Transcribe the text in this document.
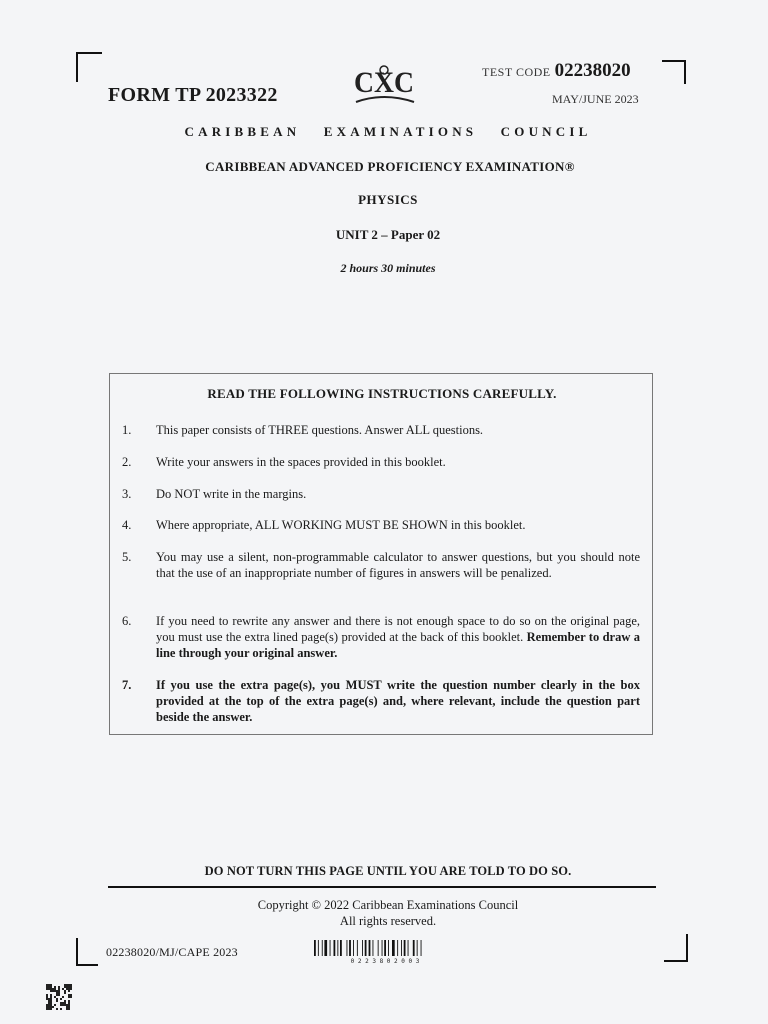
FORM TP 2023322	CXC	TEST CODE 02238020
MAY/JUNE 2023
CARIBBEAN EXAMINATIONS COUNCIL
CARIBBEAN ADVANCED PROFICIENCY EXAMINATION®
PHYSICS
UNIT 2 – Paper 02
2 hours 30 minutes
READ THE FOLLOWING INSTRUCTIONS CAREFULLY.
1. This paper consists of THREE questions. Answer ALL questions.
2. Write your answers in the spaces provided in this booklet.
3. Do NOT write in the margins.
4. Where appropriate, ALL WORKING MUST BE SHOWN in this booklet.
5. You may use a silent, non-programmable calculator to answer questions, but you should note that the use of an inappropriate number of figures in answers will be penalized.
6. If you need to rewrite any answer and there is not enough space to do so on the original page, you must use the extra lined page(s) provided at the back of this booklet. Remember to draw a line through your original answer.
7. If you use the extra page(s), you MUST write the question number clearly in the box provided at the top of the extra page(s) and, where relevant, include the question part beside the answer.
DO NOT TURN THIS PAGE UNTIL YOU ARE TOLD TO DO SO.
Copyright © 2022 Caribbean Examinations Council
All rights reserved.
02238020/MJ/CAPE 2023
0 2 2 3 8 0 2 0 0 3
